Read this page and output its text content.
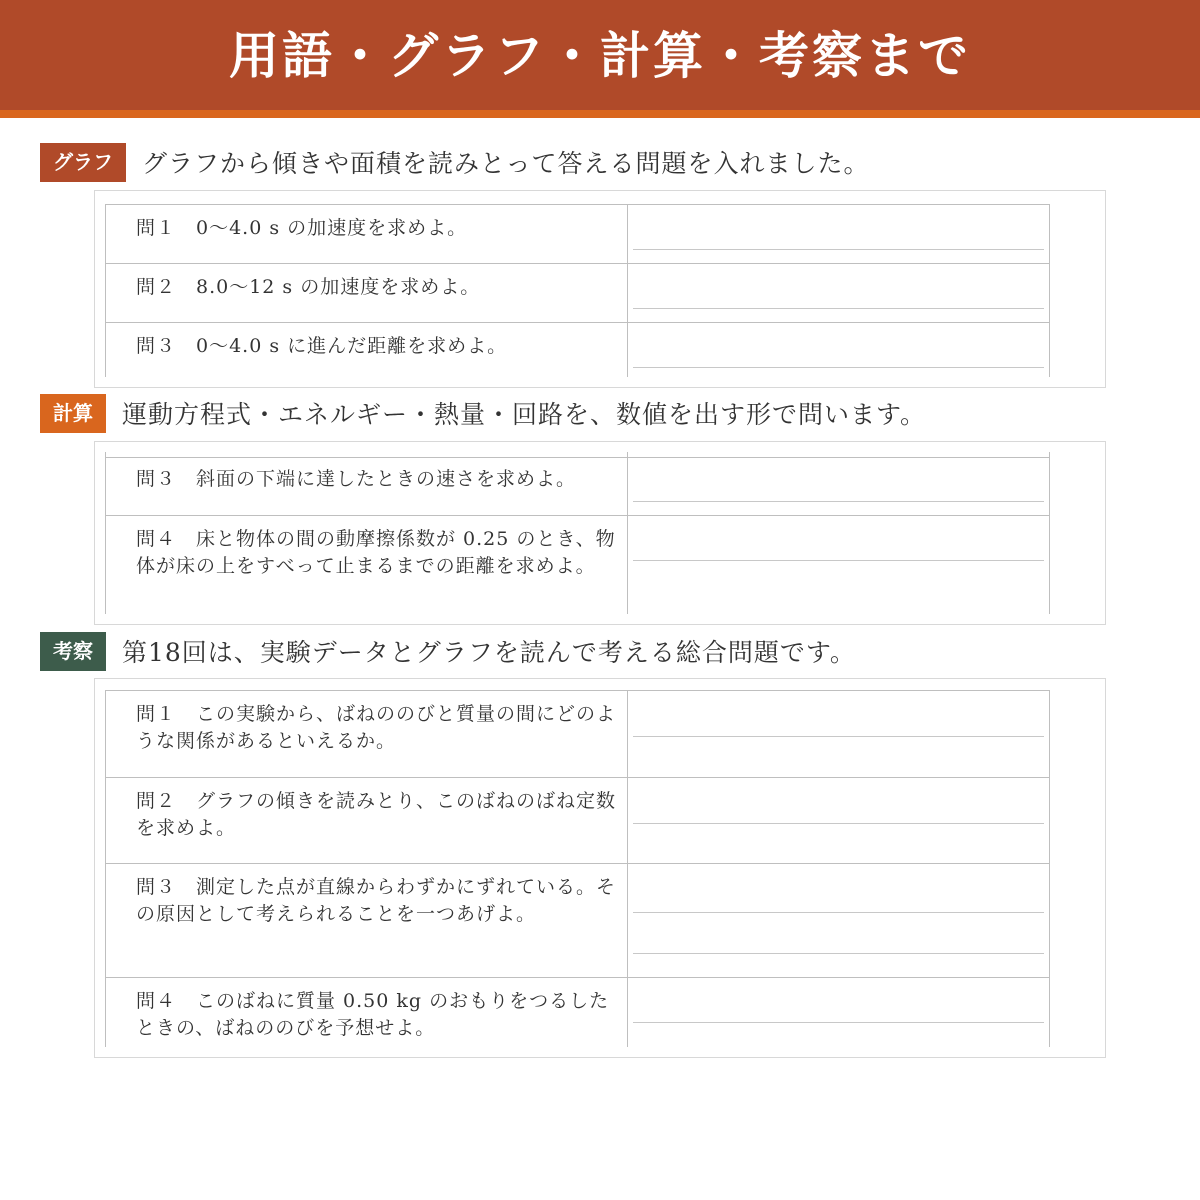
用語・グラフ・計算・考察まで
グラフ	グラフから傾きや面積を読みとって答える問題を入れました。
問１　0〜4.0 s の加速度を求めよ。
問２　8.0〜12 s の加速度を求めよ。
問３　0〜4.0 s に進んだ距離を求めよ。
計算	運動方程式・エネルギー・熱量・回路を、数値を出す形で問います。
問３　斜面の下端に達したときの速さを求めよ。
問４　床と物体の間の動摩擦係数が 0.25 のとき、物体が床の上をすべって止まるまでの距離を求めよ。
考察	第18回は、実験データとグラフを読んで考える総合問題です。
問１　この実験から、ばねののびと質量の間にどのような関係があるといえるか。
問２　グラフの傾きを読みとり、このばねのばね定数を求めよ。
問３　測定した点が直線からわずかにずれている。その原因として考えられることを一つあげよ。
問４　このばねに質量 0.50 kg のおもりをつるしたときの、ばねののびを予想せよ。
